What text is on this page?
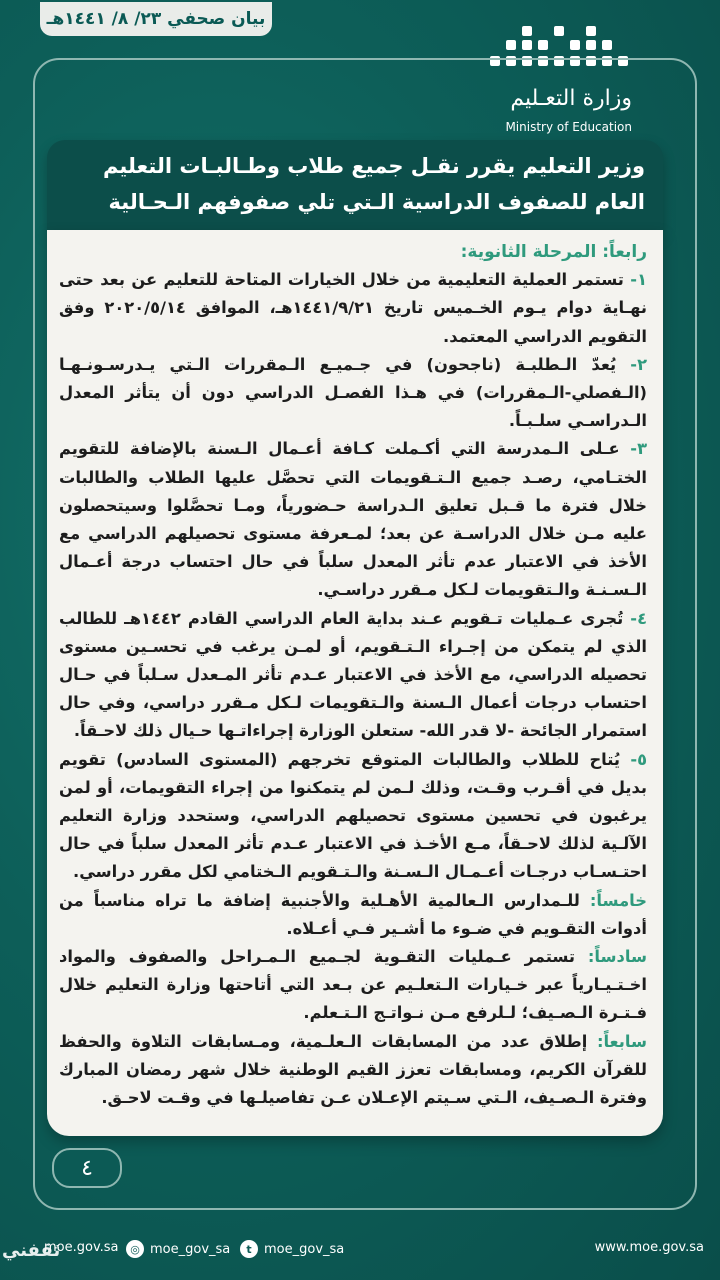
بيان صحفي ٢٣/ ٨/ ١٤٤١هـ
وزارة التعـليم
Ministry of Education
وزير التعليم يقرر نقـل جميع طلاب وطـالبـات التعليم
العام للصفوف الدراسية الـتي تلي صفوفهم الـحـالية

رابعاً: المرحلة الثانوية:

١- تستمر العملية التعليمية من خلال الخيارات المتاحة للتعليم عن بعد حتى نهـاية دوام يـوم الخـميس تاريخ ١٤٤١/٩/٢١هـ، الموافق ٢٠٢٠/٥/١٤ وفق التقويم الدراسي المعتمد.

٢- يُعدّ الـطلبـة (ناجحون) في جـميـع الـمقررات الـتي يـدرسـونـهـا (الـفصلي-الـمقررات) في هـذا الفصـل الدراسي دون أن يتأثر المعدل الـدراسـي سلـبـاً.

٣- عـلى الـمدرسة التي أكـملت كـافة أعـمال الـسنة بالإضافة للتقويم الختـامي، رصـد جميع الـتـقويمات التي تحصَّل عليها الطلاب والطالبات خلال فترة ما قـبل تعليق الـدراسة حـضورياً، ومـا تحصَّلوا وسيتحصلون عليه مـن خلال الدراسـة عن بعد؛ لمـعرفة مستوى تحصيلهم الدراسي مع الأخذ في الاعتبار عدم تأثر المعدل سلباً في حال احتساب درجة أعـمال الـسـنـة والـتقويمات لـكل مـقرر دراسـي.

٤- تُجرى عـمليات تـقويم عـند بداية العام الدراسي القادم ١٤٤٢هـ للطالب الذي لم يتمكن من إجـراء الـتـقويم، أو لمـن يرغب في تحسـين مستوى تحصيله الدراسي، مع الأخذ في الاعتبار عـدم تأثر المـعدل سـلباً في حـال احتساب درجات أعمال الـسنة والـتقويمات لـكل مـقرر دراسي، وفي حال استمرار الجائحة -لا قدر الله- ستعلن الوزارة إجراءاتـها حـيال ذلك لاحـقاً.

٥- يُتاح للطلاب والطالبات المتوقع تخرجهم (المستوى السادس) تقويم بديل في أقـرب وقـت، وذلك لـمن لم يتمكنوا من إجراء التقويمات، أو لمن يرغبون في تحسين مستوى تحصيلهم الدراسي، وستحدد وزارة التعليم الآلـية لذلك لاحـقاً، مـع الأخـذ في الاعتبار عـدم تأثر المعدل سلباً في حال احتـسـاب درجـات أعـمـال الـسـنة والـتـقويم الـختامي لكل مقرر دراسي.

خامساً: للـمدارس الـعالمية الأهـلية والأجنبية إضافة ما تراه مناسباً من أدوات التقـويم في ضـوء ما أشـير فـي أعـلاه.

سادساً: تستمر عـمليات التقـوية لجـميع الـمـراحل والصفوف والمواد اخـتـيـارياً عبر خـيارات الـتعلـيم عن بـعد التي أتاحتها وزارة التعليم خلال فـتـرة الـصـيف؛ لـلرفع مـن نـواتـج الـتـعلم.

سابعاً: إطلاق عدد من المسابقات الـعلـمية، ومـسابقات التلاوة والحفظ للقرآن الكريم، ومسابقات تعزز القيم الوطنية خلال شهر رمضان المبارك وفترة الـصـيف، الـتي سـيتم الإعـلان عـن تفاصيلـها في وقـت لاحـق.

٤
www.moe.gov.sa
t moe_gov_sa
◎ moe_gov_sa
moe.gov.sa
ثقفني
